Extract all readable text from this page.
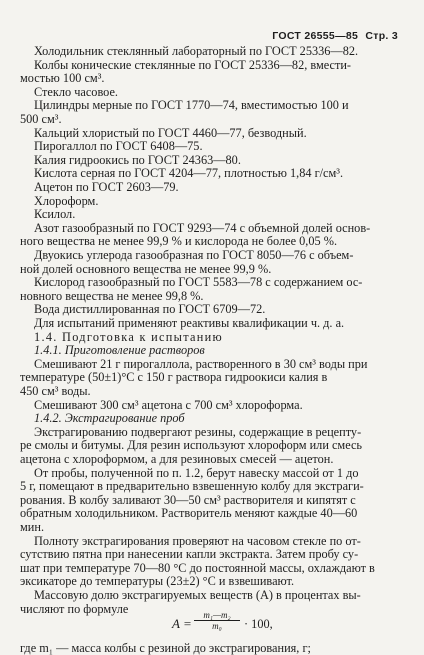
ГОСТ 26555—85 Стр. 3
Холодильник стеклянный лабораторный по ГОСТ 25336—82.
Колбы конические стеклянные по ГОСТ 25336—82, вмести-
мостью 100 см³.
Стекло часовое.
Цилиндры мерные по ГОСТ 1770—74, вместимостью 100 и
500 см³.
Кальций хлористый по ГОСТ 4460—77, безводный.
Пирогаллол по ГОСТ 6408—75.
Калия гидроокись по ГОСТ 24363—80.
Кислота серная по ГОСТ 4204—77, плотностью 1,84 г/см³.
Ацетон по ГОСТ 2603—79.
Хлороформ.
Ксилол.
Азот газообразный по ГОСТ 9293—74 с объемной долей основ-
ного вещества не менее 99,9 % и кислорода не более 0,05 %.
Двуокись углерода газообразная по ГОСТ 8050—76 с объем-
ной долей основного вещества не менее 99,9 %.
Кислород газообразный по ГОСТ 5583—78 с содержанием ос-
новного вещества не менее 99,8 %.
Вода дистиллированная по ГОСТ 6709—72.
Для испытаний применяют реактивы квалификации ч. д. а.
1.4. Подготовка к испытанию
1.4.1. Приготовление растворов
Смешивают 21 г пирогаллола, растворенного в 30 см³ воды при
температуре (50±1)°С с 150 г раствора гидроокиси калия в
450 см³ воды.
Смешивают 300 см³ ацетона с 700 см³ хлороформа.
1.4.2. Экстрагирование проб
Экстрагированию подвергают резины, содержащие в рецепту-
ре смолы и битумы. Для резин используют хлороформ или смесь
ацетона с хлороформом, а для резиновых смесей — ацетон.
От пробы, полученной по п. 1.2, берут навеску массой от 1 до
5 г, помещают в предварительно взвешенную колбу для экстраги-
рования. В колбу заливают 30—50 см³ растворителя и кипятят с
обратным холодильником. Растворитель меняют каждые 40—60
мин.
Полноту экстрагирования проверяют на часовом стекле по от-
сутствию пятна при нанесении капли экстракта. Затем пробу су-
шат при температуре 70—80 °С до постоянной массы, охлаждают в
эксикаторе до температуры (23±2) °С и взвешивают.
Массовую долю экстрагируемых веществ (А) в процентах вы-
числяют по формуле
где m₁ — масса колбы с резиной до экстрагирования, г;
A =
m₁—m₂
m₀ · 100,
